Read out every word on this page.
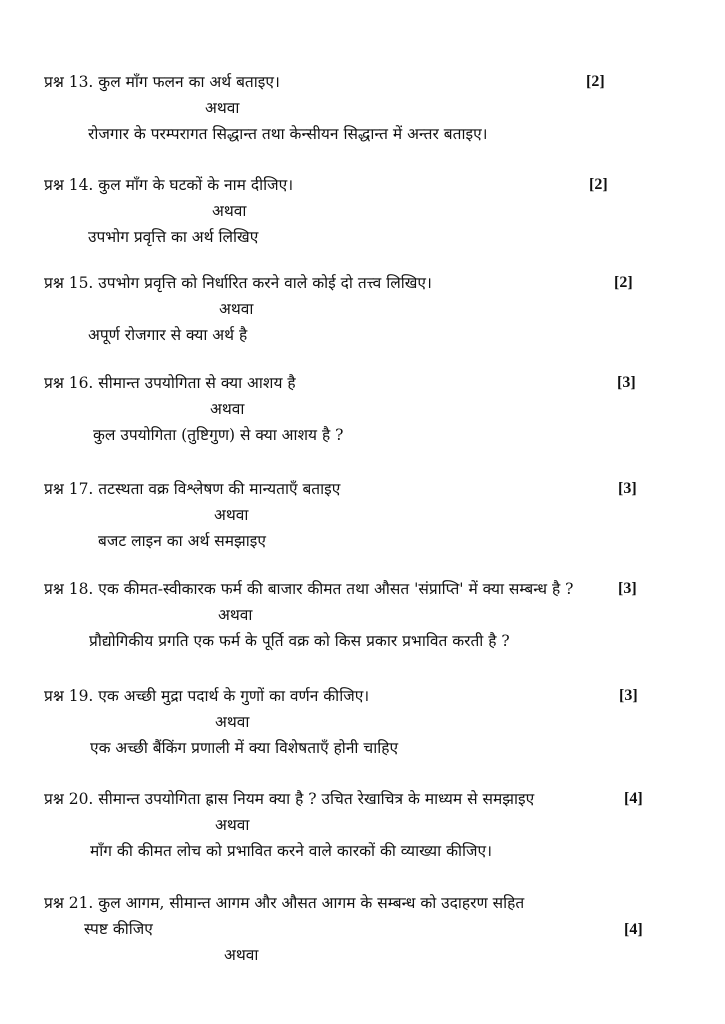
प्रश्न 13. कुल माँग फलन का अर्थ बताइए।	[2]
अथवा
रोजगार के परम्परागत सिद्धान्त तथा केन्सीयन सिद्धान्त में अन्तर बताइए।
प्रश्न 14. कुल माँग के घटकों के नाम दीजिए।	[2]
अथवा
उपभोग प्रवृत्ति का अर्थ लिखिए
प्रश्न 15. उपभोग प्रवृत्ति को निर्धारित करने वाले कोई दो तत्त्व लिखिए।	[2]
अथवा
अपूर्ण रोजगार से क्या अर्थ है
प्रश्न 16. सीमान्त उपयोगिता से क्या आशय है	[3]
अथवा
कुल उपयोगिता (तुष्टिगुण) से क्या आशय है ?
प्रश्न 17. तटस्थता वक्र विश्लेषण की मान्यताएँ बताइए	[3]
अथवा
बजट लाइन का अर्थ समझाइए
प्रश्न 18. एक कीमत-स्वीकारक फर्म की बाजार कीमत तथा औसत 'संप्राप्ति' में क्या सम्बन्ध है ?	[3]
अथवा
प्रौद्योगिकीय प्रगति एक फर्म के पूर्ति वक्र को किस प्रकार प्रभावित करती है ?
प्रश्न 19. एक अच्छी मुद्रा पदार्थ के गुणों का वर्णन कीजिए।	[3]
अथवा
एक अच्छी बैंकिंग प्रणाली में क्या विशेषताएँ होनी चाहिए
प्रश्न 20. सीमान्त उपयोगिता ह्रास नियम क्या है ? उचित रेखाचित्र के माध्यम से समझाइए	[4]
अथवा
माँग की कीमत लोच को प्रभावित करने वाले कारकों की व्याख्या कीजिए।
प्रश्न 21. कुल आगम, सीमान्त आगम और औसत आगम के सम्बन्ध को उदाहरण सहित
स्पष्ट कीजिए	[4]
अथवा
